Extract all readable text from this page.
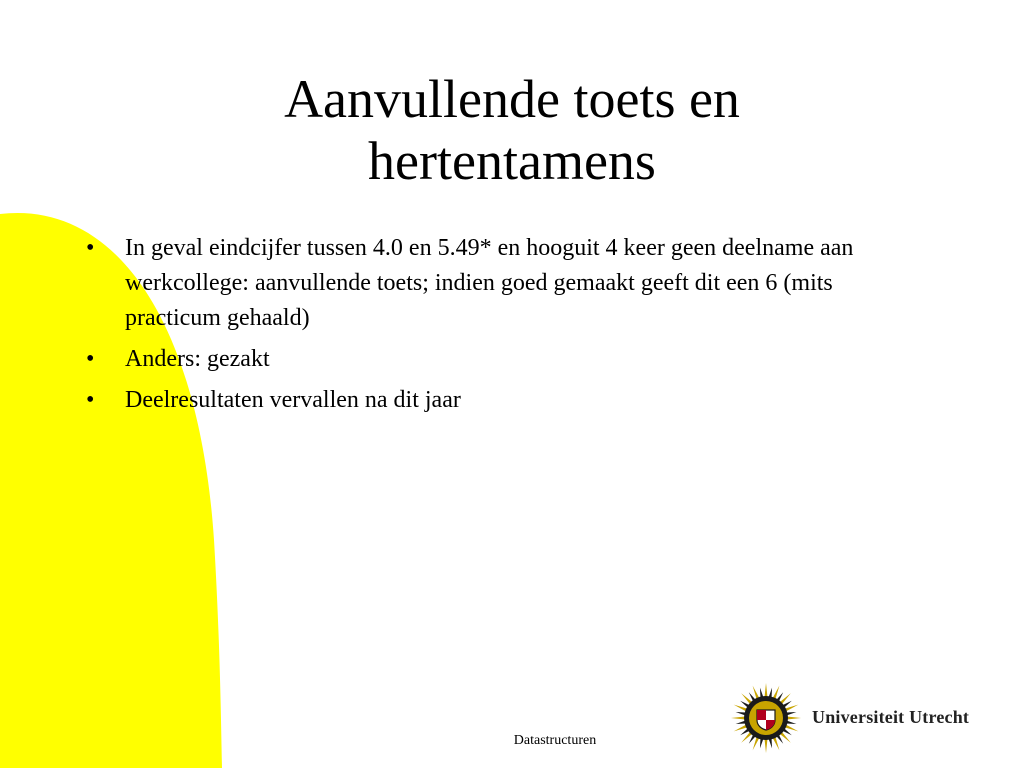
Aanvullende toets en
hertentamens
• In geval eindcijfer tussen 4.0 en 5.49* en hooguit 4 keer geen deelname aan werkcollege: aanvullende toets; indien goed gemaakt geeft dit een 6 (mits practicum gehaald)
• Anders: gezakt
• Deelresultaten vervallen na dit jaar
Datastructuren
Universiteit Utrecht
